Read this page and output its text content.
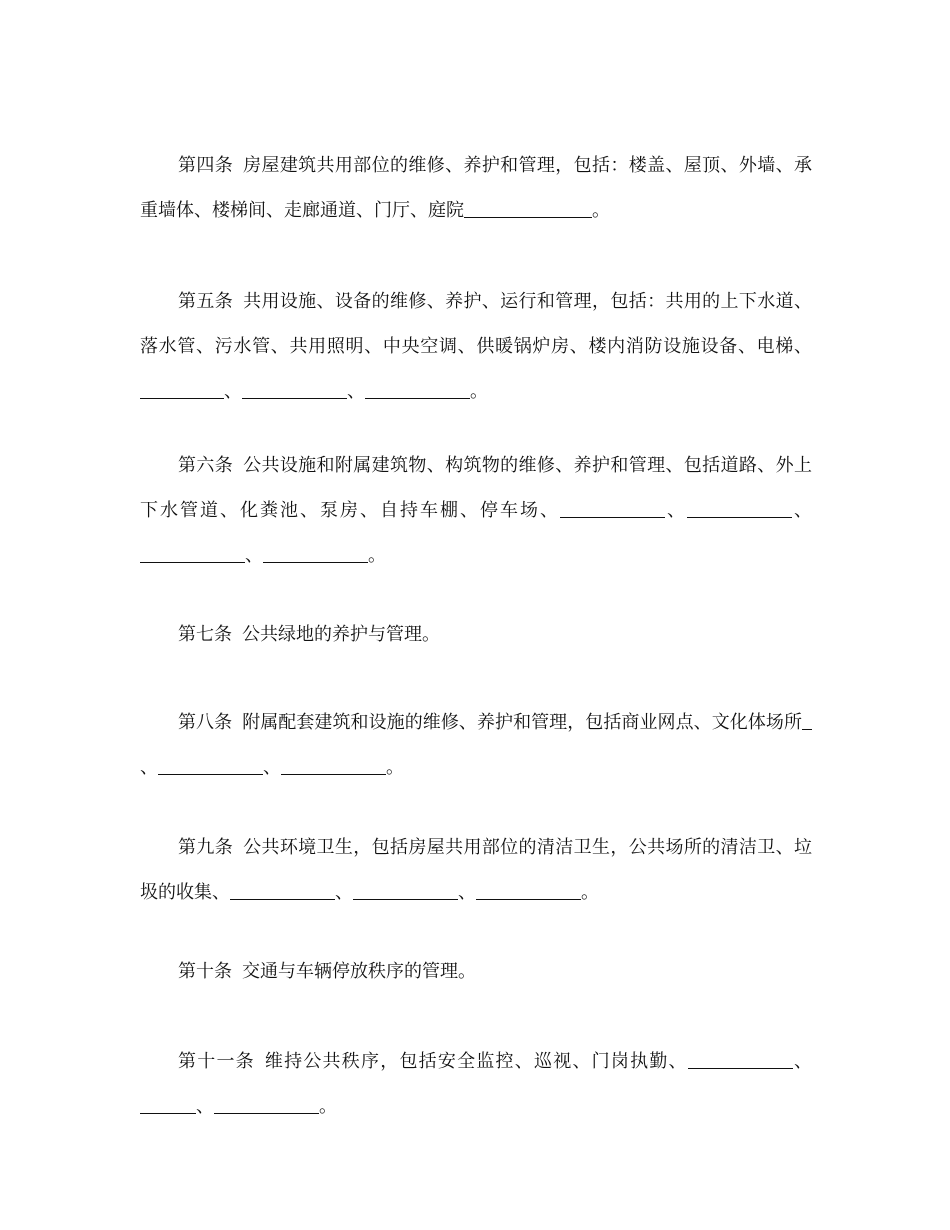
第四条 房屋建筑共用部位的维修、养护和管理，包括：楼盖、屋顶、外墙、承重墙体、楼梯间、走廊通道、门厅、庭院	。

第五条 共用设施、设备的维修、养护、运行和管理，包括：共用的上下水道、落水管、污水管、共用照明、中央空调、供暖锅炉房、楼内消防设施设备、电梯、、	、	。

第六条 公共设施和附属建筑物、构筑物的维修、养护和管理、包括道路、外上下水管道、化粪池、泵房、自持车棚、停车场、	、	、、	。

第七条 公共绿地的养护与管理。

第八条 附属配套建筑和设施的维修、养护和管理，包括商业网点、文化体场所、	、	。

第九条 公共环境卫生，包括房屋共用部位的清洁卫生，公共场所的清洁卫、垃圾的收集、	、	、	。

第十条 交通与车辆停放秩序的管理。

第十一条 维持公共秩序，包括安全监控、巡视、门岗执勤、	、、	。
